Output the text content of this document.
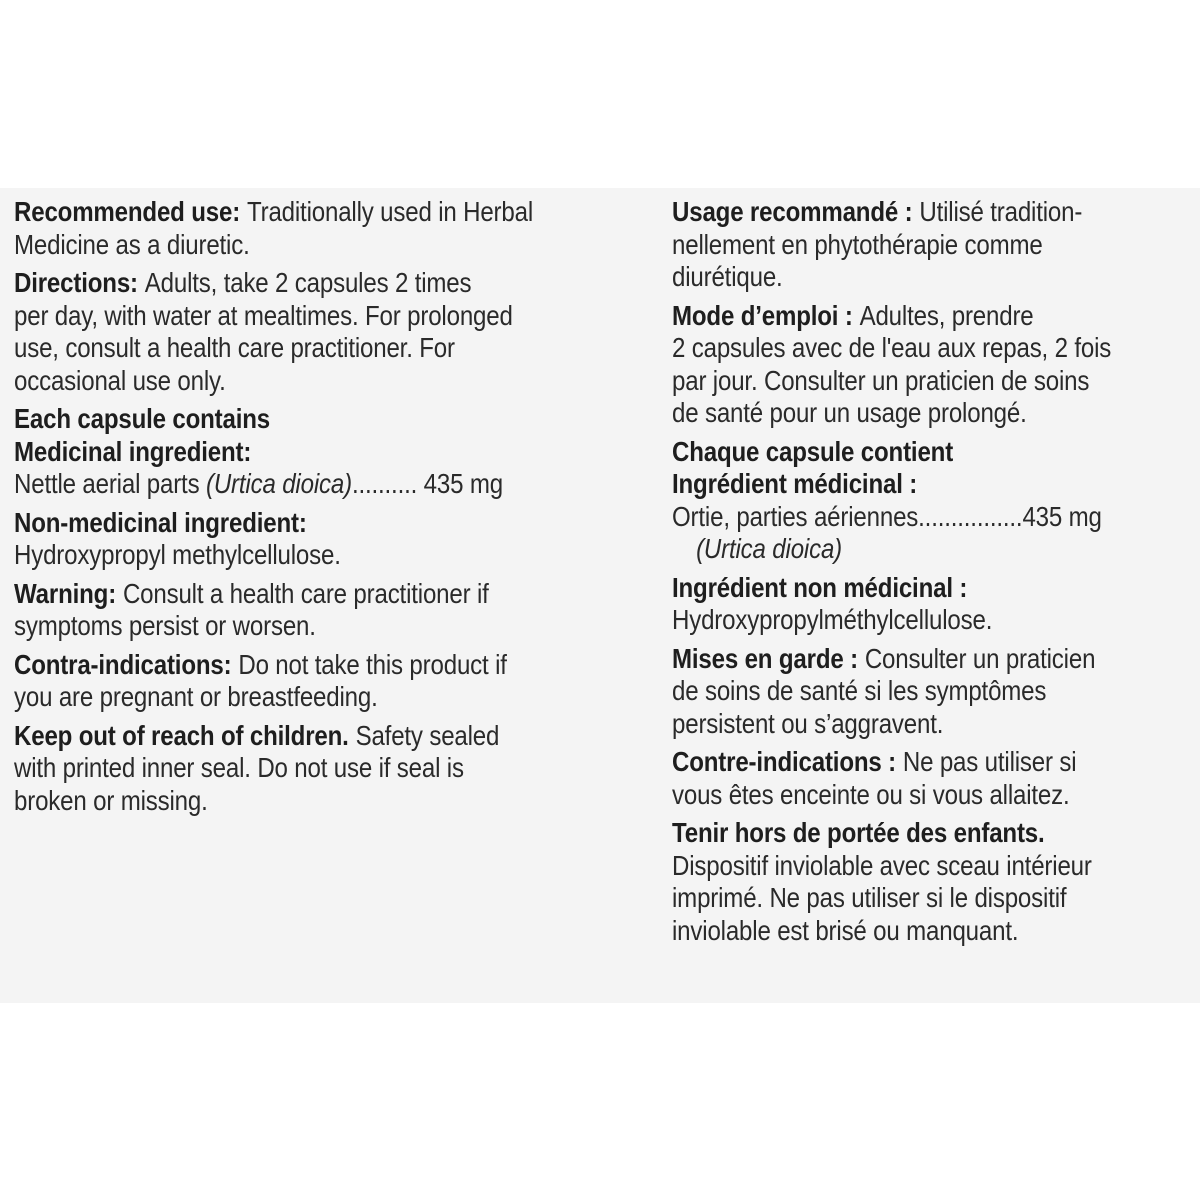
Recommended use: Traditionally used in Herbal
Medicine as a diuretic.
Directions: Adults, take 2 capsules 2 times
per day, with water at mealtimes. For prolonged
use, consult a health care practitioner. For
occasional use only.
Each capsule contains
Medicinal ingredient:
Nettle aerial parts (Urtica dioica).......... 435 mg
Non-medicinal ingredient:
Hydroxypropyl methylcellulose.
Warning: Consult a health care practitioner if
symptoms persist or worsen.
Contra-indications: Do not take this product if
you are pregnant or breastfeeding.
Keep out of reach of children. Safety sealed
with printed inner seal. Do not use if seal is
broken or missing.
Usage recommandé : Utilisé tradition-
nellement en phytothérapie comme
diurétique.
Mode d’emploi : Adultes, prendre
2 capsules avec de l'eau aux repas, 2 fois
par jour. Consulter un praticien de soins
de santé pour un usage prolongé.
Chaque capsule contient
Ingrédient médicinal :
Ortie, parties aériennes................435 mg
(Urtica dioica)
Ingrédient non médicinal :
Hydroxypropylméthylcellulose.
Mises en garde : Consulter un praticien
de soins de santé si les symptômes
persistent ou s’aggravent.
Contre-indications : Ne pas utiliser si
vous êtes enceinte ou si vous allaitez.
Tenir hors de portée des enfants.
Dispositif inviolable avec sceau intérieur
imprimé. Ne pas utiliser si le dispositif
inviolable est brisé ou manquant.
